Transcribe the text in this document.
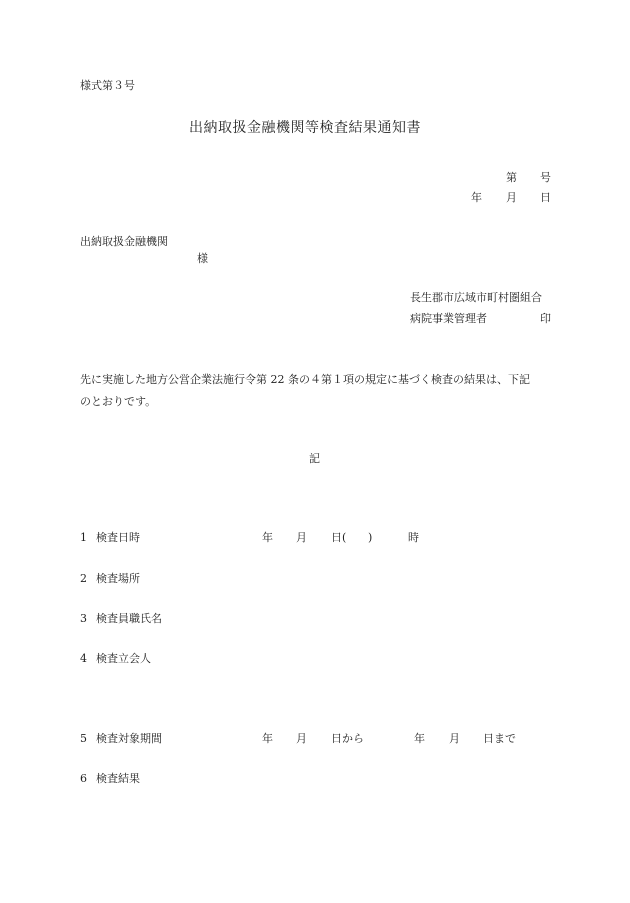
様式第３号
出納取扱金融機関等検査結果通知書
第 号
年 月 日
出納取扱金融機関
様
長生郡市広域市町村圏組合
病院事業管理者	印
先に実施した地方公営企業法施行令第 22 条の４第１項の規定に基づく検査の結果は、下記
のとおりです。
記
1 検査日時	年 月 日( )	時
2 検査場所
3 検査員職氏名
4 検査立会人
5 検査対象期間	年 月 日から	年 月 日まで
6 検査結果
